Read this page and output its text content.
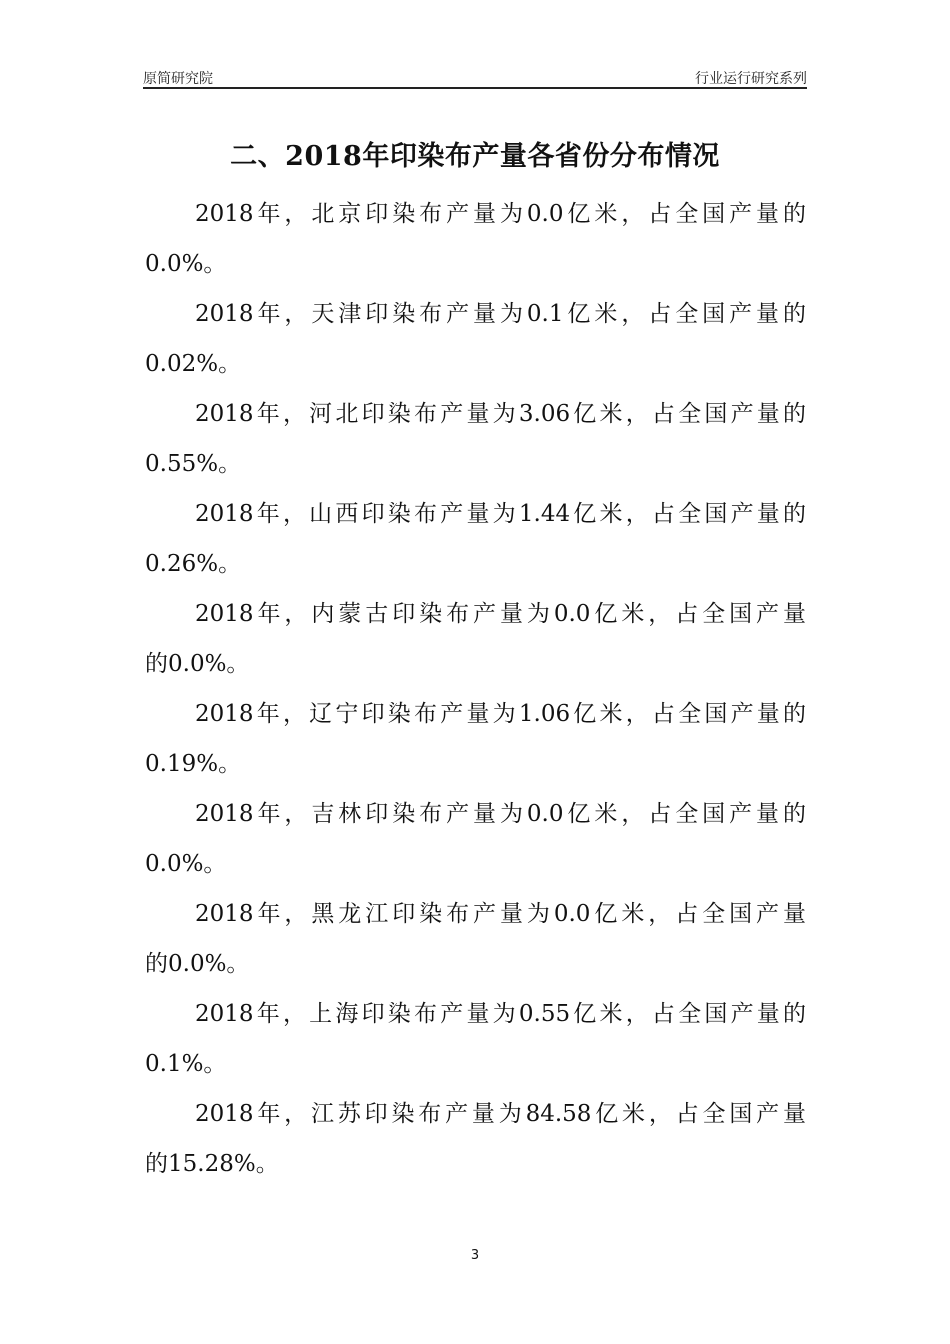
原简研究院	行业运行研究系列
二、2018年印染布产量各省份分布情况
2018年，北京印染布产量为0.0亿米，占全国产量的
0.0%。
2018年，天津印染布产量为0.1亿米，占全国产量的
0.02%。
2018年，河北印染布产量为3.06亿米，占全国产量的
0.55%。
2018年，山西印染布产量为1.44亿米，占全国产量的
0.26%。
2018年，内蒙古印染布产量为0.0亿米，占全国产量
的0.0%。
2018年，辽宁印染布产量为1.06亿米，占全国产量的
0.19%。
2018年，吉林印染布产量为0.0亿米，占全国产量的
0.0%。
2018年，黑龙江印染布产量为0.0亿米，占全国产量
的0.0%。
2018年，上海印染布产量为0.55亿米，占全国产量的
0.1%。
2018年，江苏印染布产量为84.58亿米，占全国产量
的15.28%。
3
